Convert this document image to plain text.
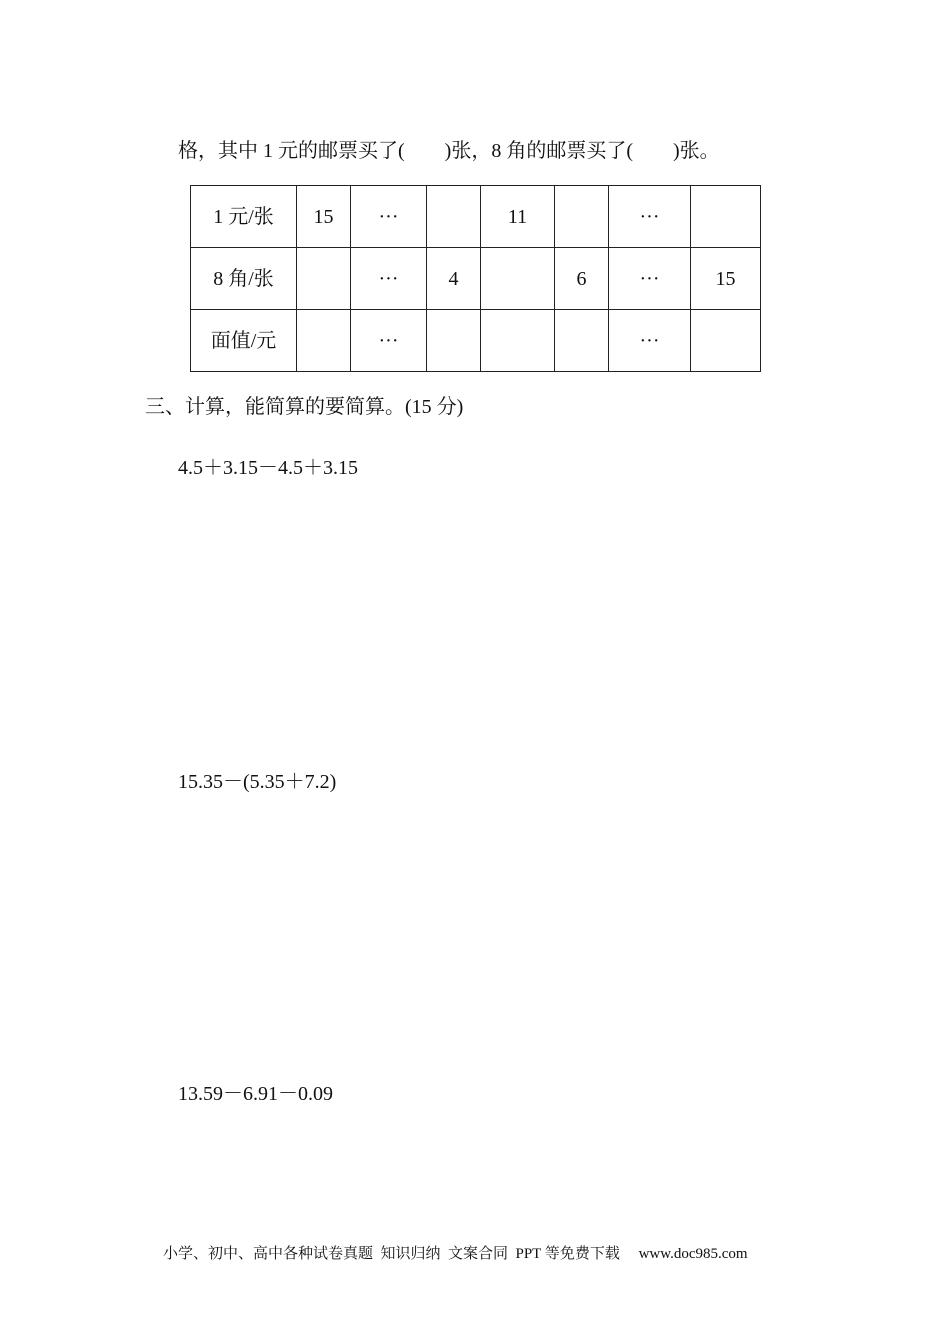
格，其中 1 元的邮票买了(        )张，8 角的邮票买了(        )张。
1 元/张	15	···		11		···	
8 角/张		···	4		6	···	15
面值/元		···				···	
三、计算，能简算的要简算。(15 分)
4.5＋3.15－4.5＋3.15
15.35－(5.35＋7.2)
13.59－6.91－0.09
小学、初中、高中各种试卷真题  知识归纳  文案合同  PPT 等免费下载     www.doc985.com
